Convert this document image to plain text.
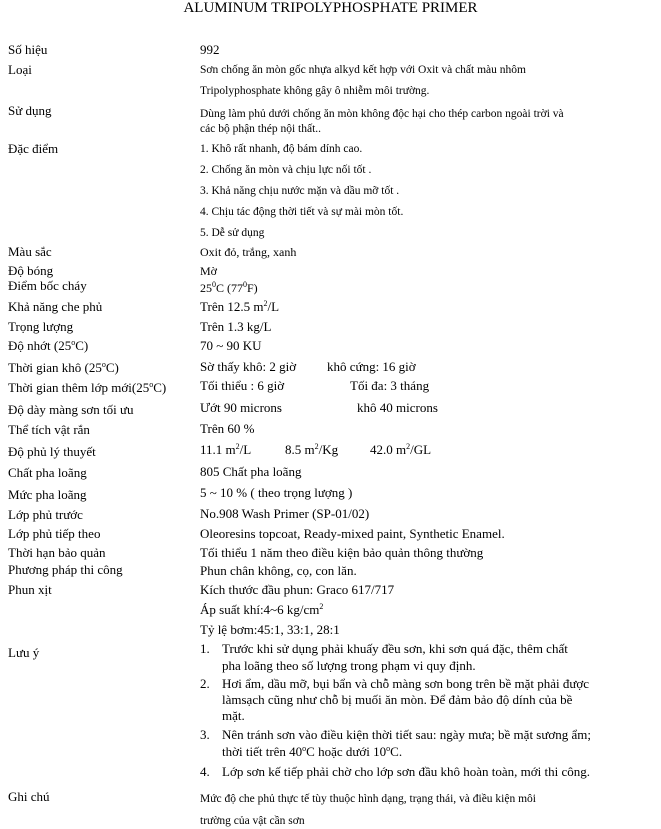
ALUMINUM TRIPOLYPHOSPHATE PRIMER
Số hiệu	992
Loại	Sơn chống ăn mòn gốc nhựa alkyd kết hợp với Oxit và chất màu nhôm
Tripolyphosphate không gây ô nhiễm môi trường.
Sử dụng	Dùng làm phủ dưới chống ăn mòn không độc hại cho thép carbon ngoài trời và
các bộ phận thép nội thất..
Đặc điểm	1. Khô rất nhanh, độ bám dính cao.
2. Chống ăn mòn và chịu lực nối tốt .
3. Khả năng chịu nước mặn và dầu mỡ tốt .
4. Chịu tác động thời tiết và sự mài mòn tốt.
5. Dễ sử dụng
Màu sắc	Oxit đỏ, trắng, xanh
Độ bóng	Mờ
Điểm bốc cháy	$25^0C$ $(77^0F)$
Khả năng che phủ	Trên 12.5 $m^2/L$
Trọng lượng	Trên 1.3 kg/L
Độ nhớt (25$^o$C)	70 ~ 90 KU
Thời gian khô (25$^o$C)	Sờ thấy khô: 2 giờ khô cứng: 16 giờ
Thời gian thêm lớp mới(25$^o$C)	Tối thiểu : 6 giờ	Tối đa: 3 tháng
Độ dày màng sơn tối ưu	Ướt 90 microns	khô 40 microns
Thể tích vật rắn	Trên 60 %
Độ phủ lý thuyết	11.1 $m^2/L$	8.5 $m^2/Kg$ 42.0 $m^2/GL$
Chất pha loãng	805 Chất pha loãng
Mức pha loãng	5 ~ 10 % ( theo trọng lượng )
Lớp phủ trước	No.908 Wash Primer (SP-01/02)
Lớp phủ tiếp theo	Oleoresins topcoat, Ready-mixed paint, Synthetic Enamel.
Thời hạn bảo quản	Tối thiểu 1 năm theo điều kiện bảo quản thông thường
Phương pháp thi công	Phun chân không, cọ, con lăn.
Phun xịt	Kích thước đầu phun: Graco 617/717
Áp suất khí:4~6 $kg/cm^2$
Tỷ lệ bơm:45:1, 33:1, 28:1
Lưu ý	1. Trước khi sử dụng phải khuấy đều sơn, khi sơn quá đặc, thêm chất
pha loãng theo số lượng trong phạm vi quy định.
2. Hơi ẩm, dầu mỡ, bụi bẩn và chỗ màng sơn bong trên bề mặt phải được
làmsạch cũng như chỗ bị muối ăn mòn. Để đảm bảo độ dính của bề
mặt.
3. Nên tránh sơn vào điều kiện thời tiết sau: ngày mưa; bề mặt sương ẩm;
thời tiết trên 40$^o$C hoặc dưới 10$^o$C.
4. Lớp sơn kế tiếp phải chờ cho lớp sơn đầu khô hoàn toàn, mới thi công.
Ghi chú	Mức độ che phủ thực tế tùy thuộc hình dạng, trạng thái, và điều kiện môi
trường của vật cần sơn
